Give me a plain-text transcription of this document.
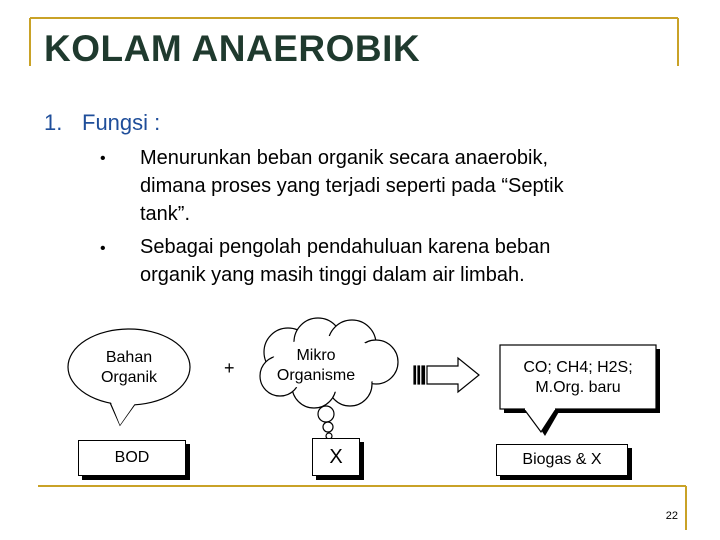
KOLAM ANAEROBIK
1. Fungsi :
• Menurunkan beban organik secara anaerobik,
dimana proses yang terjadi seperti pada “Septik
tank”.
• Sebagai pengolah pendahuluan karena beban
organik yang masih tinggi dalam air limbah.
Bahan
Organik	+
Mikro
Organisme	CO; CH4; H2S;
M.Org. baru
BOD	X	Biogas & X
22
